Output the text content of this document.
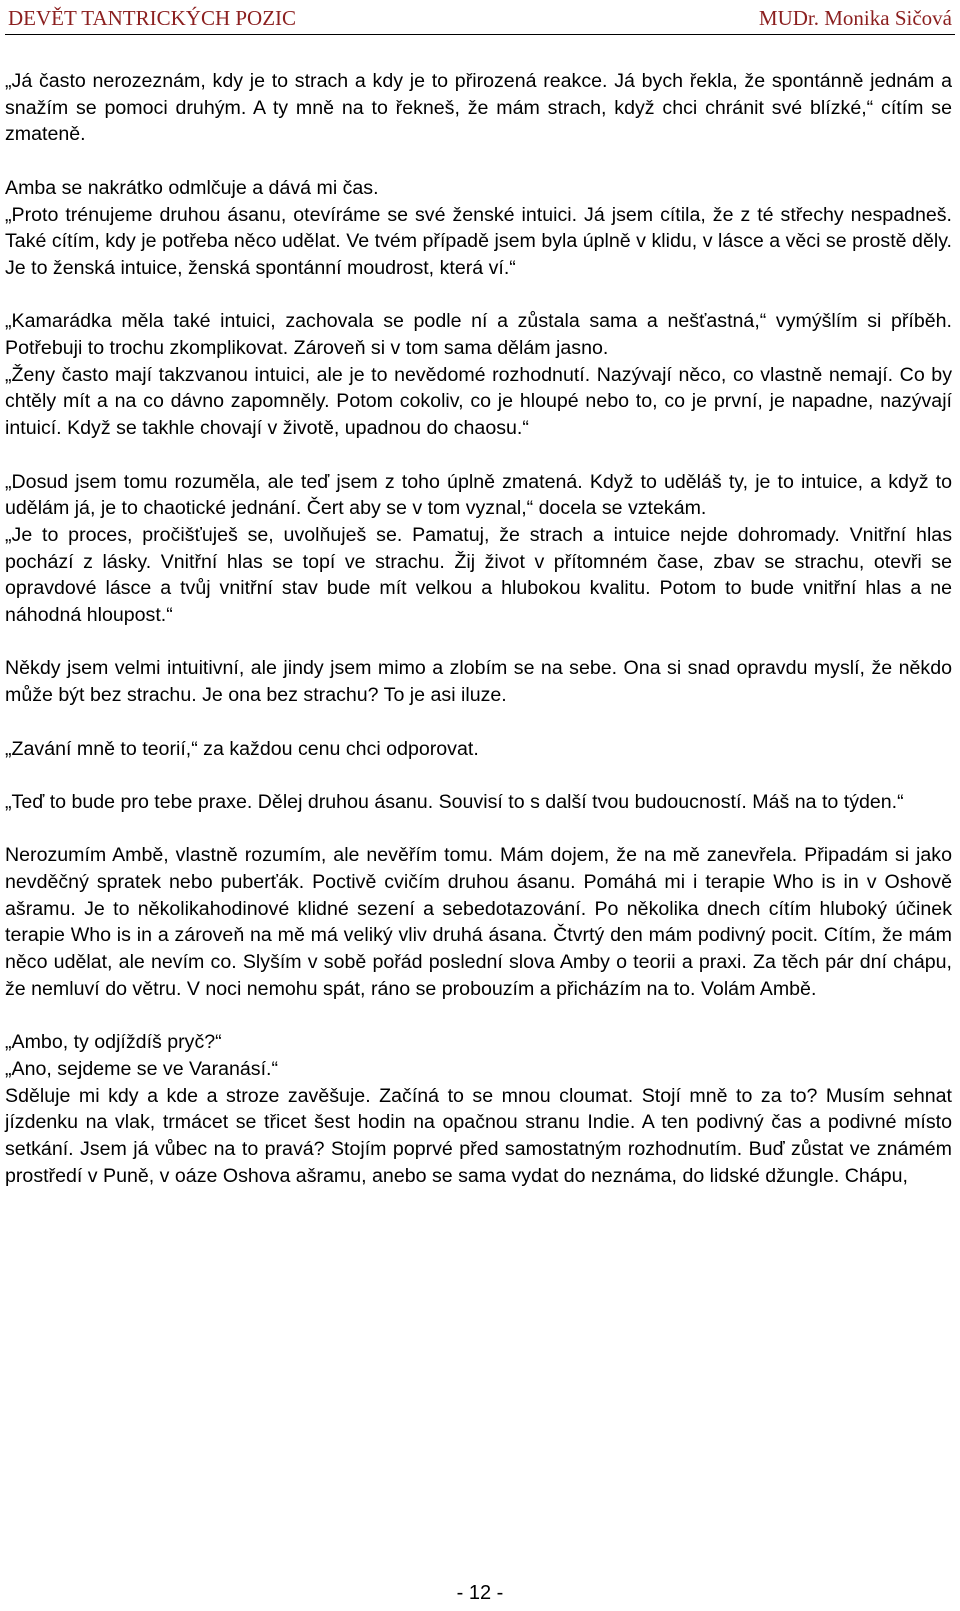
DEVĚT TANTRICKÝCH POZIC	MUDr. Monika Sičová

„Já často nerozeznám, kdy je to strach a kdy je to přirozená reakce. Já bych řekla, že spontánně jednám a snažím se pomoci druhým. A ty mně na to řekneš, že mám strach, když chci chránit své blízké,“ cítím se zmateně.

Amba se nakrátko odmlčuje a dává mi čas.

„Proto trénujeme druhou ásanu, otevíráme se své ženské intuici. Já jsem cítila, že z té střechy nespadneš. Také cítím, kdy je potřeba něco udělat. Ve tvém případě jsem byla úplně v klidu, v lásce a věci se prostě děly. Je to ženská intuice, ženská spontánní moudrost, která ví.“

„Kamarádka měla také intuici, zachovala se podle ní a zůstala sama a nešťastná,“ vymýšlím si příběh. Potřebuji to trochu zkomplikovat. Zároveň si v tom sama dělám jasno.

„Ženy často mají takzvanou intuici, ale je to nevědomé rozhodnutí. Nazývají něco, co vlastně nemají. Co by chtěly mít a na co dávno zapomněly. Potom cokoliv, co je hloupé nebo to, co je první, je napadne, nazývají intuicí. Když se takhle chovají v životě, upadnou do chaosu.“

„Dosud jsem tomu rozuměla, ale teď jsem z toho úplně zmatená. Když to uděláš ty, je to intuice, a když to udělám já, je to chaotické jednání. Čert aby se v tom vyznal,“ docela se vztekám.

„Je to proces, pročišťuješ se, uvolňuješ se. Pamatuj, že strach a intuice nejde dohromady. Vnitřní hlas pochází z lásky. Vnitřní hlas se topí ve strachu. Žij život v přítomném čase, zbav se strachu, otevři se opravdové lásce a tvůj vnitřní stav bude mít velkou a hlubokou kvalitu. Potom to bude vnitřní hlas a ne náhodná hloupost.“

Někdy jsem velmi intuitivní, ale jindy jsem mimo a zlobím se na sebe. Ona si snad opravdu myslí, že někdo může být bez strachu. Je ona bez strachu? To je asi iluze.

„Zavání mně to teorií,“ za každou cenu chci odporovat.

„Teď to bude pro tebe praxe. Dělej druhou ásanu. Souvisí to s další tvou budoucností. Máš na to týden.“

Nerozumím Ambě, vlastně rozumím, ale nevěřím tomu. Mám dojem, že na mě zanevřela. Připadám si jako nevděčný spratek nebo puberťák. Poctivě cvičím druhou ásanu. Pomáhá mi i terapie Who is in v Oshově ašramu. Je to několikahodinové klidné sezení a sebedotazování. Po několika dnech cítím hluboký účinek terapie Who is in a zároveň na mě má veliký vliv druhá ásana. Čtvrtý den mám podivný pocit. Cítím, že mám něco udělat, ale nevím co. Slyším v sobě pořád poslední slova Amby o teorii a praxi. Za těch pár dní chápu, že nemluví do větru. V noci nemohu spát, ráno se probouzím a přicházím na to. Volám Ambě.

„Ambo, ty odjíždíš pryč?“

„Ano, sejdeme se ve Varanásí.“

Sděluje mi kdy a kde a stroze zavěšuje. Začíná to se mnou cloumat. Stojí mně to za to? Musím sehnat jízdenku na vlak, trmácet se třicet šest hodin na opačnou stranu Indie. A ten podivný čas a podivné místo setkání. Jsem já vůbec na to pravá? Stojím poprvé před samostatným rozhodnutím. Buď zůstat ve známém prostředí v Puně, v oáze Oshova ašramu, anebo se sama vydat do neznáma, do lidské džungle. Chápu,

- 12 -
